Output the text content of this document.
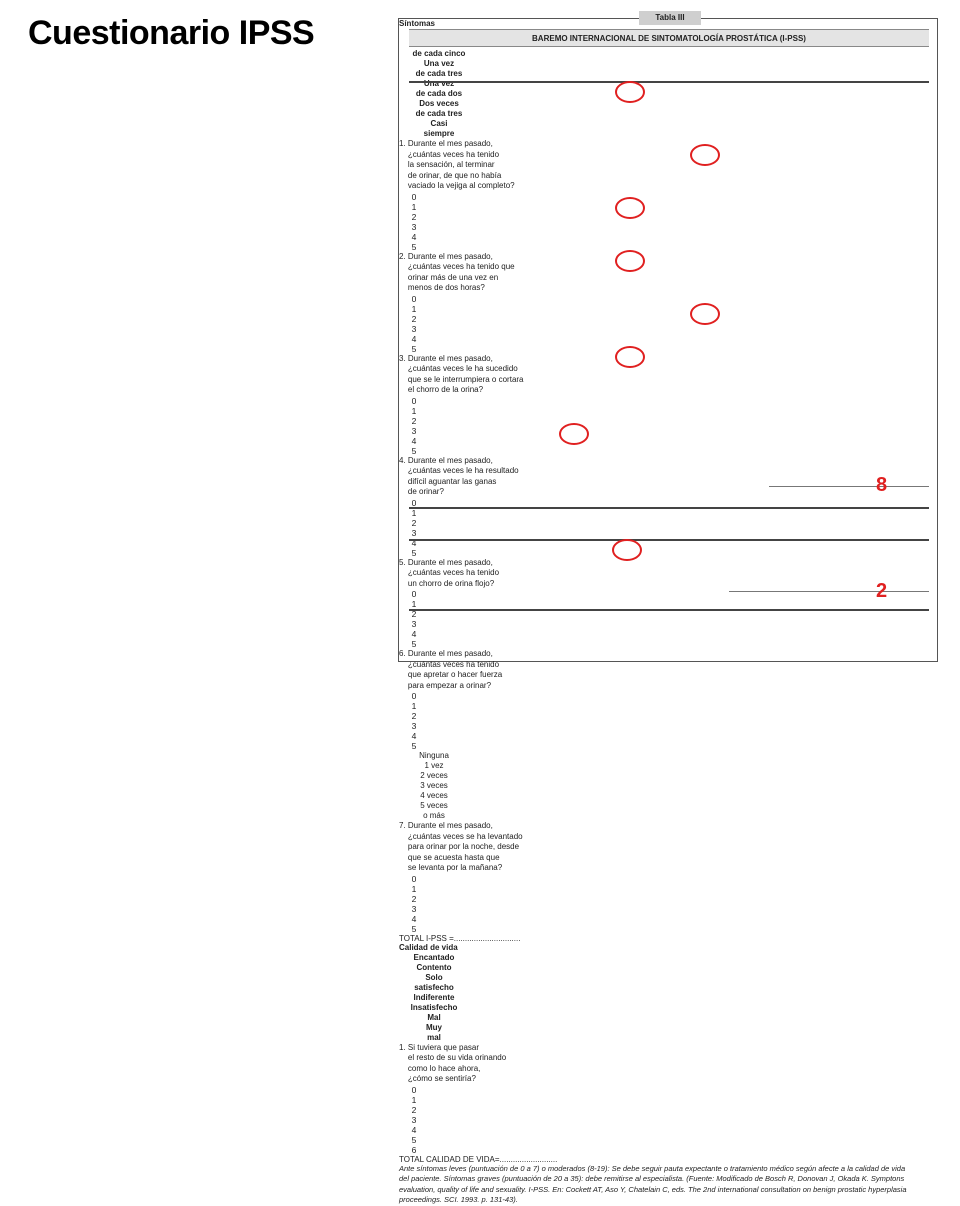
Cuestionario IPSS	Tabla III
BAREMO INTERNACIONAL DE SINTOMATOLOGÍA PROSTÁTICA (I-PSS)
Síntomas

de cada cinco
Una vez
de cada tres
Una vez
de cada dos
Dos veces
de cada tres
Casi
siempre
1. Durante el mes pasado,
¿cuántas veces ha tenido
la sensación, al terminar
de orinar, de que no había
vaciado la vejiga al completo?
0
1
2
3
4
5
2. Durante el mes pasado,
¿cuántas veces ha tenido que
orinar más de una vez en
menos de dos horas?
0
1
2
3
4
5
3. Durante el mes pasado,
¿cuántas veces le ha sucedido
que se le interrumpiera o cortara
el chorro de la orina?
0
1
2
3
4
5
4. Durante el mes pasado,
¿cuántas veces le ha resultado
difícil aguantar las ganas
de orinar?
0
1
2
3
4
5
5. Durante el mes pasado,
¿cuántas veces ha tenido
un chorro de orina flojo?
0
1
2
3
4
5
6. Durante el mes pasado,
¿cuántas veces ha tenido
que apretar o hacer fuerza
para empezar a orinar?
0
1
2
3
4
5
Ninguna
1 vez
2 veces
3 veces
4 veces
5 veces
o más
7. Durante el mes pasado,
¿cuántas veces se ha levantado
para orinar por la noche, desde
que se acuesta hasta que
se levanta por la mañana?
0
1
2
3
4
5
TOTAL I-PSS =..............................
8
Calidad de vida
Encantado
Contento
Solo
satisfecho
Indiferente
Insatisfecho
Mal
Muy
mal
1. Si tuviera que pasar
el resto de su vida orinando
como lo hace ahora,
¿cómo se sentiría?
0
1
2
3
4
5
6
TOTAL CALIDAD DE VIDA=..........................
2
Ante síntomas leves (puntuación de 0 a 7) o moderados (8-19): Se debe seguir pauta expectante o tratamiento médico según afecte a la calidad de vida del paciente. Síntomas graves (puntuación de 20 a 35): debe remitirse al especialista. (Fuente: Modificado de Bosch R, Donovan J, Okada K. Symptons evaluation, quality of life and sexuality. I-PSS. En: Cockett AT, Aso Y, Chatelain C, eds. The 2nd international consultation on benign prostatic hyperplasia proceedings. SCI. 1993. p. 131-43).
